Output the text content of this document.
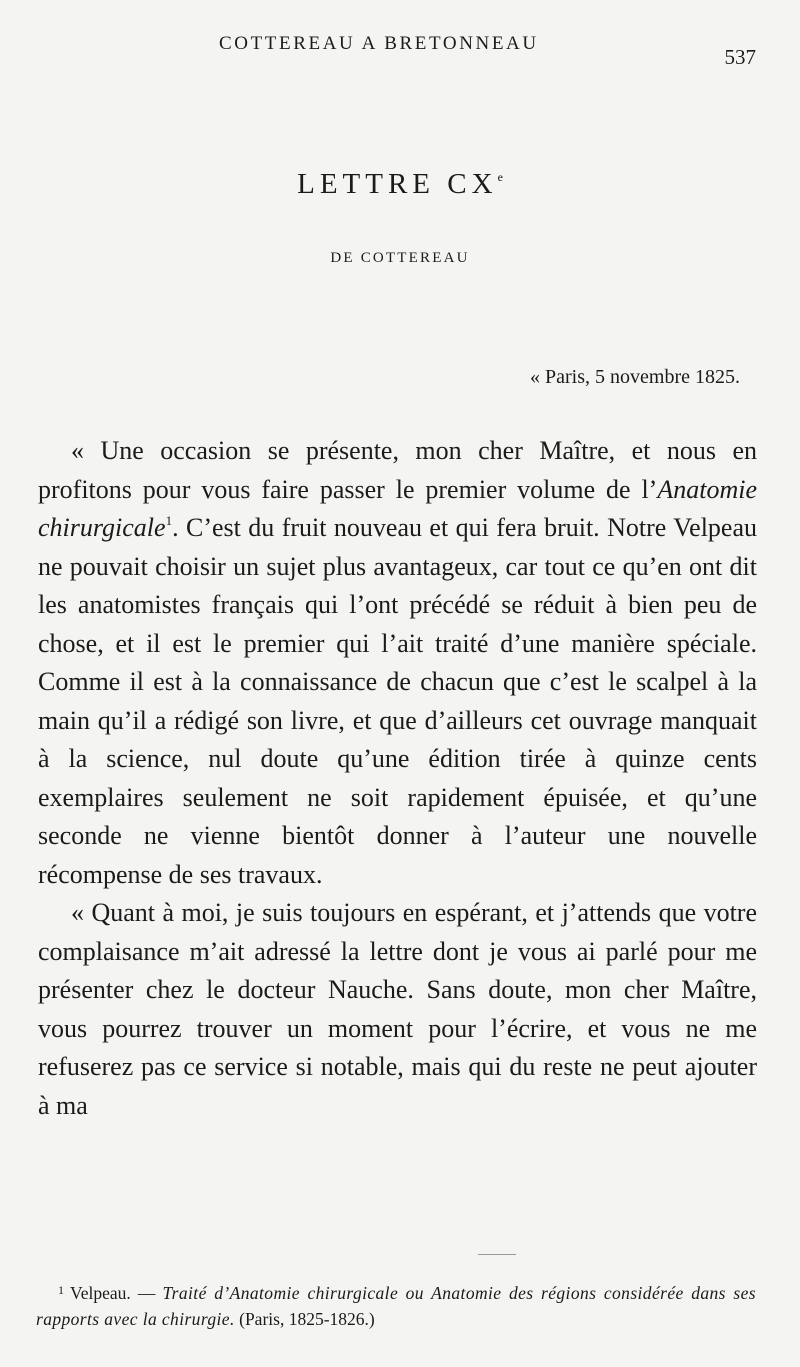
COTTEREAU A BRETONNEAU
537
LETTRE CXe
DE COTTEREAU
« Paris, 5 novembre 1825.

« Une occasion se présente, mon cher Maître, et nous en profitons pour vous faire passer le premier volume de l’Anatomie chirurgicale$^1$. C’est du fruit nouveau et qui fera bruit. Notre Velpeau ne pouvait choisir un sujet plus avantageux, car tout ce qu’en ont dit les anatomistes français qui l’ont précédé se réduit à bien peu de chose, et il est le premier qui l’ait traité d’une manière spéciale. Comme il est à la connaissance de chacun que c’est le scalpel à la main qu’il a rédigé son livre, et que d’ailleurs cet ouvrage manquait à la science, nul doute qu’une édition tirée à quinze cents exemplaires seulement ne soit rapidement épuisée, et qu’une seconde ne vienne bientôt donner à l’auteur une nouvelle récompense de ses travaux.

« Quant à moi, je suis toujours en espérant, et j’attends que votre complaisance m’ait adressé la lettre dont je vous ai parlé pour me présenter chez le docteur Nauche. Sans doute, mon cher Maître, vous pourrez trouver un moment pour l’écrire, et vous ne me refuserez pas ce service si notable, mais qui du reste ne peut ajouter à ma

$^1$ Velpeau. — Traité d’Anatomie chirurgicale ou Anatomie des régions considérée dans ses rapports avec la chirurgie. (Paris, 1825-1826.)
